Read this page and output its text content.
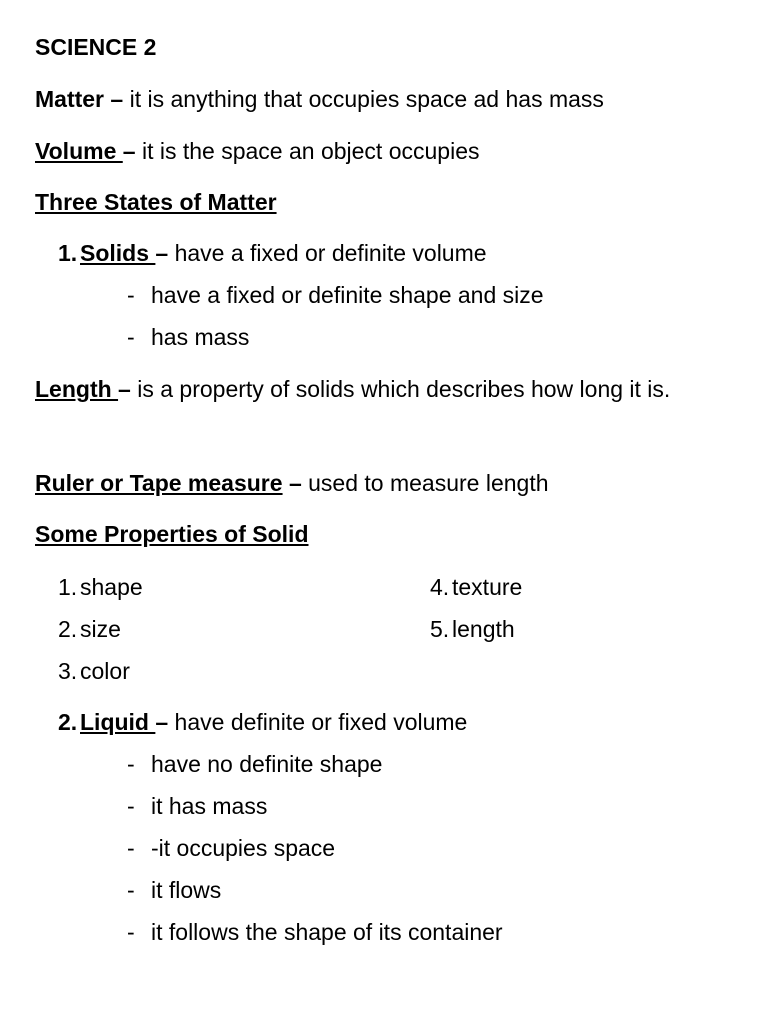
SCIENCE 2
Matter – it is anything that occupies space ad has mass
Volume – it is the space an object occupies
Three States of Matter
1. Solids – have a fixed or definite volume
- have a fixed or definite shape and size
- has mass
Length – is a property of solids which describes how long it is.
Ruler or Tape measure – used to measure length
Some Properties of Solid
1. shape
2. size
3. color
4. texture
5. length
2. Liquid – have definite or fixed volume
- have no definite shape
- it has mass
- -it occupies space
- it flows
- it follows the shape of its container
